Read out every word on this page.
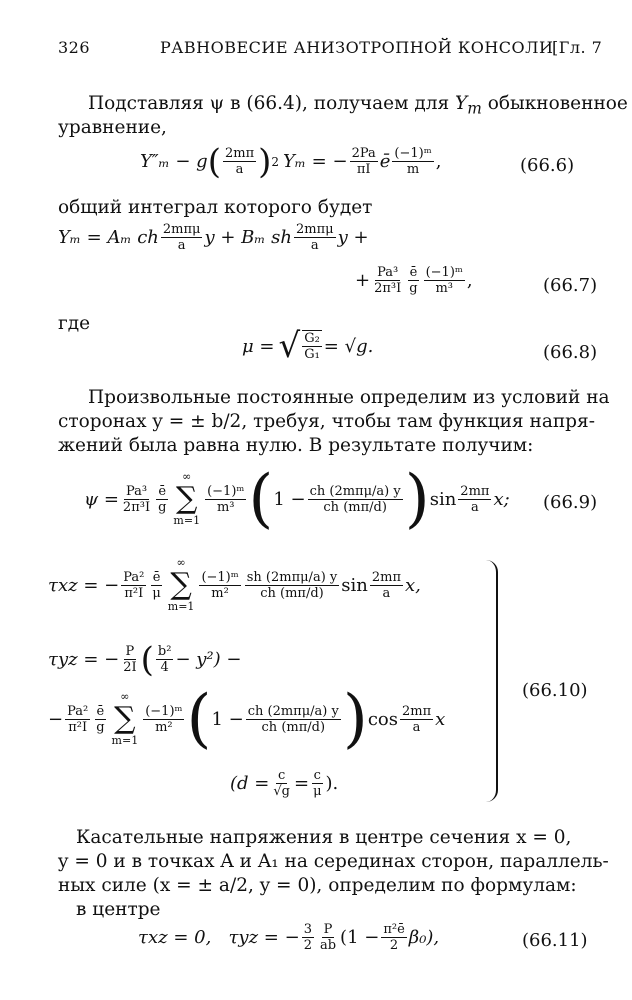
326	РАВНОВЕСИЕ АНИЗОТРОПНОЙ КОНСОЛИ
[Гл. 7
Подставляя ψ в (66.4), получаем для $Y_m$ обыкновенное
уравнение,
Y″ₘ − g ( $\frac{2m\pi}{a}$ ) 2 Yₘ = − $\frac{2Pa}{\pi I}$ ē $\frac{\text{(−1)ᵐ}}{m}$ ,	(66.6)
общий интеграл которого будет
Yₘ = Aₘ ch $\frac{\text{2mπμ}}{a}$ y + Bₘ sh $\frac{\text{2mπμ}}{a}$ y +
+ $\frac{\text{Pa³}}{\text{2π³I}} \frac{ē}{g} \frac{\text{(−1)ᵐ}}{\text{m³}}$ ,	(66.7)
где
μ = √ $\frac{\text{G₂}}{\text{G₁}} = √g$.	(66.8)
Произвольные постоянные определим из условий на
сторонах y = ± b/2, требуя, чтобы там функция напря-
жений была равна нулю. В результате получим:
$\psi = \frac{\text{Pa³}}{\text{2π³I}} \frac{ē}{g}$
∞
∑
m=1
$\frac{\text{(−1)ᵐ}}{\text{m³}}$ ( $1 - \frac{\text{ch (2mπμ/a) y}}{ch (m\pi/d)}$ ) $\sin \frac{2m\pi}{a} x$; (66.9)
τxz = − $\frac{\text{Pa²}}{\text{π²I}} \frac{ē}{\mu}$
∞
∑
m=1
$\frac{\text{(−1)ᵐ}}{\text{m²}} \frac{\text{sh (2mπμ/a) y}}{ch (m\pi/d)}$ $\sin \frac{2m\pi}{a} x$,
τyz = − $\frac{P}{2I}$ ( $\frac{\text{b²}}{4} - y^2$) −
− $\frac{\text{Pa²}}{\text{π²I}} \frac{ē}{g}$
∞
∑
m=1
$\frac{\text{(−1)ᵐ}}{\text{m²}}$ ( $1 - \frac{\text{ch (2mπμ/a) y}}{ch (m\pi/d)}$ ) $\cos \frac{2m\pi}{a}$ x
($d = \frac{c}{√g} = \frac{c}{\mu}$ ).
(66.10)
Касательные напряжения в центре сечения x = 0,
y = 0 и в точках A и A₁ на серединах сторон, параллель-
ных силе (x = ± a/2, y = 0), определим по формулам:
в центре
τxz = 0,   τyz = − $\frac{3}{2} \frac{P}{ab} (1 - \frac{\text{π²ē}}{2} \beta_0)$,	(66.11)
